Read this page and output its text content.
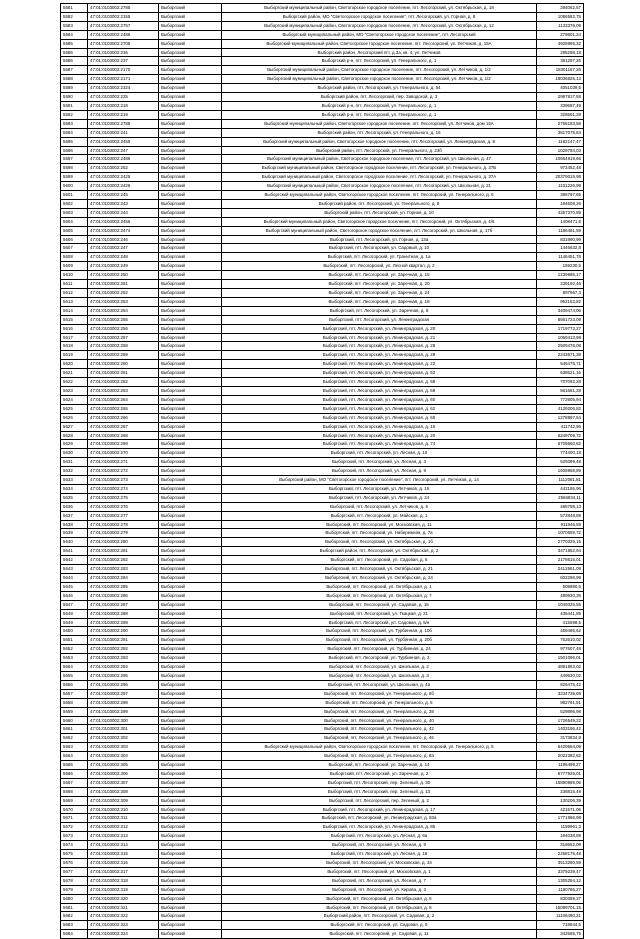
5581	47:01:0103002:2785	Выборгский	Выборгский муниципальный район, Светогорское городское поселение, пгт. Лесогорский, ул. Октябрьская, д. 18	294062,57
5582	47:01:0103002:2155	Выборгский	Выборгский район, МО "Светогорское городское поселение", пгт. Лесогорский, ул. Горная, д. 8	1086582,75
5583	47:01:0103002:2757	Выборгский	Выборгский муниципальный район, Светогорское городское поселение, пгт. Лесогорский, ул. Октябрьская, д. 12	1133376,09
5584	47:01:0103002:2486	Выборгский	Выборгский муниципальный район, МО "Светогорское городское поселение", пгт. Лесогорский	279801,24
5585	47:01:0103002:2709	Выборгский	Выборгский муниципальный район, Светогорское городское поселение, пгт. Лесогорский, ул. Летчиков, д. 15А	4928895,32
5586	47:01:0103002:236	Выборгский	Выборгский район, Лесогорский пгт, д.3а, кв. 4, ул. Летчиков	295298,18
5586	47:01:0103002:237	Выборгский	Выборгский р-н, пгт. Лесогорский, ул. Генерального, д. 1	381297,26
5587	47:01:0103002:2170	Выборгский	Выборгский муниципальный район, Светогорское городское поселение, пгт. Лесогорский, ул. Летчиков, д. 1/2	18301167,26
5588	47:01:0103002:2171	Выборгский	Выборгский муниципальный район, Светогорское городское поселение, пгт. Лесогорский, ул. Летчиков, д. 1/2	18036825,13
5589	47:01:0103002:2324	Выборгский	Выборгский район, пгт. Лесогорский, ул. Генерального, д. 54	4051039,5
5590	47:01:0103002:225	Выборгский	Выборгский район, пгт. Лесогорский, пер. Заводской, д. 3	2997917,59
5591	47:01:0103002:218	Выборгский	Выборгский р-н, пгт. Лесогорский, ул. Генерального, д. 1	339687,49
5592	47:01:0103002:219	Выборгский	Выборгский р-н, пгт. Лесогорский, ул. Генерального, д. 1	328591,28
5593	47:01:0103002:2788	Выборгский	Выборгский муниципальный район, Светогорское городское поселение, пгт. Лесогорский, ул. Летчиков, дом 15А	2756183,58
5594	47:01:0103002:241	Выборгский	Выборгский район, пгт. Лесогорский, ул. Генерального, д. 16	3817075,84
5595	47:01:0103002:2459	Выборгский	Выборгский муниципальный район, Светогорское городское поселение, пгт. Лесогорский, ул. Ленинградская, д. 8	1182147,47
5596	47:01:0103002:247	Выборгский	Выборгский район, пгт. Лесогорский, ул. Генерального, д. 23б	1029784,03
5597	47:01:0103002:2486	Выборгский	Выборгский муниципальный район, Светогорское городское поселение, пгт. Лесогорский, ул. Школьная, д. 47	10664919,66
5598	47:01:0103002:252	Выборгский	Выборгский муниципальный район, Светогорское городское поселение, пгт. Лесогорский, ул. Генерального, д. 37Б	972452,48
5599	47:01:0103002:2425	Выборгский	Выборгский муниципальный район, Светогорское городское поселение, пгт. Лесогорский, ул. Генерального, д. 37А	20379015,98
5600	47:01:0103002:2426	Выборгский	Выборгский муниципальный район, Светогорское городское поселение, пгт. Лесогорский, ул. Школьная, д. 21	1101226,99
5601	47:01:0103002:245	Выборгский	Выборгский муниципальный район, Светогорское городское поселение, пгт. Лесогорский, ул. Генерального, д. 6	396797,66
5602	47:01:0103002:243	Выборгский	Выборгский район, пгт. Лесогорский, ул. Генерального, д. 8	194608,26
5603	47:01:0103002:244	Выборгский	Выборгский район, пгт. Лесогорский, ул. Горная, д. 10	4257370,89
5604	47:01:0103002:2456	Выборгский	Выборгский муниципальный район, Светогорское городское поселение, пгт. Лесогорский, ул. Октябрьская, д. 4/6	1408471,8
5605	47:01:0103002:2474	Выборгский	Выборгский муниципальный район, Светогорское городское поселение, пгт. Лесогорский, ул. Школьная, д. 17б	1186481,59
5606	47:01:0103002:246	Выборгский	Выборгский, пгт. Лесогорский, ул. Горная, д. 13а	831990,99
5607	47:01:0103002:247	Выборгский	Выборгский, пгт. Лесогорский, ул. Садовый, д. 10	1446632,8
5608	47:01:0103002:248	Выборгский	Выборгский, пгт. Лесогорский, ул. Гранитная, д. 1а	1146451,76
5609	47:01:0103002:249	Выборгский	Выборгский, пгт. Лесогорский, ул. Лесной квартал, д. 2	159230,5
5610	47:01:0103002:250	Выборгский	Выборгский, пгт. Лесогорский, ул. Заречная, д. 15	1239686,17
5611	47:01:0103002:251	Выборгский	Выборгский, пгт. Лесогорский, ул. Заречная, д. 20	239192,46
5612	47:01:0103002:252	Выборгский	Выборгский, пгт. Лесогорский, ул. Заречная, д. 24	897967,3
5613	47:01:0103002:253	Выборгский	Выборгский, пгт. Лесогорский, ул. Заречная, д. 18	952153,82
5614	47:01:0103002:254	Выборгский	Выборгский, пгт. Лесогорский, ул. Заречная, д. 8	3409474,06
5615	47:01:0103002:255	Выборгский	Выборгский, пгт. Лесогорский, ул. Ленинградская	8561723,09
5616	47:01:0103002:256	Выборгский	Выборгский, пгт. Лесогорский, ул. Ленинградская, д. 20	1719773,27
5617	47:01:0103002:257	Выборгский	Выборгский, пгт. Лесогорский, ул. Ленинградская, д. 21	1069413,98
5618	47:01:0103002:258	Выборгский	Выборгский, пгт. Лесогорский, ул. Ленинградская, д. 28	2509476,08
5619	47:01:0103002:259	Выборгский	Выборгский, пгт. Лесогорский, ул. Ленинградская, д. 28	2243671,38
5620	47:01:0103002:260	Выборгский	Выборгский, пгт. Лесогорский, ул. Ленинградская, д. 22	546475,71
5621	47:01:0103002:261	Выборгский	Выборгский, пгт. Лесогорский, ул. Ленинградская, д. 52	638521,16
5622	47:01:0103002:262	Выборгский	Выборгский, пгт. Лесогорский, ул. Ленинградская, д. 58	707092,28
5623	47:01:0103002:263	Выборгский	Выборгский, пгт. Лесогорский, ул. Ленинградская, д. 58	561681,28
5624	47:01:0103002:264	Выборгский	Выборгский, пгт. Лесогорский, ул. Ленинградская, д. 60	772905,94
5625	47:01:0103002:265	Выборгский	Выборгский, пгт. Лесогорский, ул. Ленинградская, д. 62	4129206,82
5626	47:01:0103002:266	Выборгский	Выборгский, пгт. Лесогорский, ул. Ленинградская, д. 65	1278897,54
5627	47:01:0103002:267	Выборгский	Выборгский, пгт. Лесогорский, ул. Ленинградская, д. 15	411742,96
5628	47:01:0103002:268	Выборгский	Выборгский, пгт. Лесогорский, ул. Ленинградская, д. 20	6249709,72
5629	47:01:0103002:269	Выборгский	Выборгский, пгт. Лесогорский, ул. Ленинградская, д. 74	6709660,82
5630	47:01:0103002:270	Выборгский	Выборгский, пгт. Лесогорский, ул. Лесная, д. 10	774400,18
5631	47:01:0103002:271	Выборгский	Выборгский, пгт. Лесогорский, ул. Лесная, д. 3	529399,48
5632	47:01:0103002:272	Выборгский	Выборгский, пгт. Лесогорский, ул. Лесная, д. 9	1608958,89
5633	47:01:0103002:273	Выборгский	Выборгский район, МО "Светогорское городское поселение", пгт. Лесогорский, ул. Летчиков, д. 14	1112081,81
5634	47:01:0103002:274	Выборгский	Выборгский, пгт. Лесогорский, ул. Летчиков, д. 15	442186,96
5635	47:01:0103002:275	Выборгский	Выборгский, пгт. Лесогорский, ул. Летчиков, д. 24	2566934,11
5636	47:01:0103002:276	Выборгский	Выборгский, пгт. Лесогорский, ул. Летчиков, д. 5	485798,13
5637	47:01:0103002:277	Выборгский	Выборгский, пгт. Лесогорский, ул. Майская, д. 1	572848,89
5638	47:01:0103002:278	Выборгский	Выборгский, пгт. Лесогорский, ул. Московская, д. 11	911946,59
5639	47:01:0103002:279	Выборгский	Выборгский, пгт. Лесогорский, ул. Набережная, д. 7а	1070659,72
5640	47:01:0103002:280	Выборгский	Выборгский, пгт. Лесогорский, ул. Октябрьская, д. 1б	2770325,15
5641	47:01:0103002:281	Выборгский	Выборгский район, пгт. Лесогорский, ул. Октябрьская, д. 2	3471952,94
5642	47:01:0103002:282	Выборгский	Выборгский, пгт. Лесогорский, ул. Садовая, д. 6	2178615,01
5643	47:01:0103002:283	Выборгский	Выборгский, пгт. Лесогорский, ул. Октябрьская, д. 21	2412661,09
5644	47:01:0103002:284	Выборгский	Выборгский, пгт. Лесогорский, ул. Октябрьская, д. 24	602286,99
5645	47:01:0103002:285	Выборгский	Выборгский, пгт. Лесогорский, ул. Октябрьская, д. 1	509880,5
5646	47:01:0103002:286	Выборгский	Выборгский, пгт. Лесогорский, ул. Октябрьская, д. 7	489930,35
5647	47:01:0103002:287	Выборгский	Выборгский, пгт. Лесогорский, ул. Садовая, д. 15	1049325,55
5648	47:01:0103002:288	Выборгский	Выборгский, пгт. Лесогорский, ул. Ткацкая, д. 21	435441,89
5649	47:01:0103002:289	Выборгский	Выборгский, пгт. Лесогорский, ул. Садовая, д. 5/н	415698,5
5650	47:01:0103002:290	Выборгский	Выборгский, пгт. Лесогорский, ул. Турбинная, д. 10б	459486,62
5651	47:01:0103002:291	Выборгский	Выборгский, пгт. Лесогорский, ул. Турбинная, д. 20б	752610,02
5652	47:01:0103002:292	Выборгский	Выборгский, пгт. Лесогорский, ул. Турбинная, д. 24	977607,49
5653	47:01:0103002:293	Выборгский	Выборгский, пгт. Лесогорский, ул. Турбинная, д. 2	1501096,01
5654	47:01:0103002:294	Выборгский	Выборгский, пгт. Лесогорский, ул. Школьная, д. 2	4891863,02
5655	47:01:0103002:295	Выборгский	Выборгский, пгт. Лесогорский, ул. Школьная, д. 3	449530,02
5656	47:01:0103002:296	Выборгский	Выборгский, пгт. Лесогорский, ул. Школьная, д. 4а	826475,42
5657	47:01:0103002:297	Выборгский	Выборгский, пгт. Лесогорский, ул. Генерального, д. 6б	3234735,69
5658	47:01:0103002:298	Выборгский	Выборгский, пгт. Лесогорский, ул. Генерального, д. 5	982781,81
5659	47:01:0103002:299	Выборгский	Выборгский, пгт. Лесогорский, ул. Генерального, д. 38	529896,98
5660	47:01:0103002:300	Выборгский	Выборгский, пгт. Лесогорский, ул. Генерального, д. 40	1726549,22
5661	47:01:0103002:301	Выборгский	Выборгский, пгт. Лесогорский, ул. Генерального, д. 42	1403196,42
5662	47:01:0103002:302	Выборгский	Выборгский, пгт. Лесогорский, ул. Генерального, д. 46	3173834,8
5663	47:01:0103002:303	Выборгский	Выборгский муниципальный район, Светогорское городское поселение, пгт. Лесогорский, ул. Генерального, д. 5	6429564,09
5664	47:01:0103002:304	Выборгский	Выборгский, пгт. Лесогорский, ул. Генерального, д. 8а	2022382,82
5665	47:01:0103002:305	Выборгский	Выборгский, пгт. Лесогорский, ул. Заречная, д. 14	1196499,27
5666	47:01:0103002:306	Выборгский	Выборгский, пгт. Лесогорский, ул. Заречная, д. 2	6777925,01
5667	47:01:0103002:307	Выборгский	Выборгский, пгт. Лесогорский, пер. Зеленый, д. 30	15890989,05
5668	47:01:0103002:308	Выборгский	Выборгский, пгт. Лесогорский, пер. Зеленый, д. 13	236815,49
5669	47:01:0103002:309	Выборгский	Выборгский, пгт. Лесогорский, пер. Зеленый, д. 2	130206,39
5670	47:01:0103002:310	Выборгский	Выборгский, пгт. Лесогорский, ул. Ленинградская, д. 17	421571,06
5671	47:01:0103002:311	Выборгский	Выборгский, пгт. Лесогорский, ул. Ленинградская, д. 83а	1771966,98
5672	47:01:0103002:312	Выборгский	Выборгский, пгт. Лесогорский, ул. Ленинградская, д. 85	1159961,3
5673	47:01:0103002:313	Выборгский	Выборгский, пгт. Лесогорский, ул. Лесная, д. 6а	194038,89
5674	47:01:0103002:314	Выборгский	Выборгский, пгт. Лесогорский, ул. Лесная, д. 9	318652,09
5675	47:01:0103002:315	Выборгский	Выборгский, пгт. Лесогорский, ул. Лесная, д. 18	2258175,48
5676	47:01:0103002:316	Выборгский	Выборгский, пгт. Лесогорский, ул. Московская, д. 34	3513290,59
5677	47:01:0103002:317	Выборгский	Выборгский, пгт. Лесогорский, ул. Московская, д. 1	3379239,47
5678	47:01:0103002:318	Выборгский	Выборгский, пгт. Лесогорский, ул. Лесная, д. 7	1305294,12
5679	47:01:0103002:319	Выборгский	Выборгский, пгт. Лесогорский, ул. Кирова, д. 3	1180786,27
5680	47:01:0103002:320	Выборгский	Выборгский, пгт. Лесогорский, ул. Октябрьская, д. 5	830389,37
5681	47:01:0103002:321	Выборгский	Выборгский, пгт. Лесогорский, ул. Октябрьская, д. 8	15089701,15
5682	47:01:0103002:322	Выборгский	Выборгский район, пгт. Лесогорский, ул. Садовая, д. 2	11106480,21
5683	47:01:0103002:323	Выборгский	Выборгский, пгт. Лесогорский, ул. Садовая, д. 5	718844,5
5684	47:01:0103002:324	Выборгский	Выборгский, пгт. Лесогорский, ул. Садовая, д. 11	342585,75
